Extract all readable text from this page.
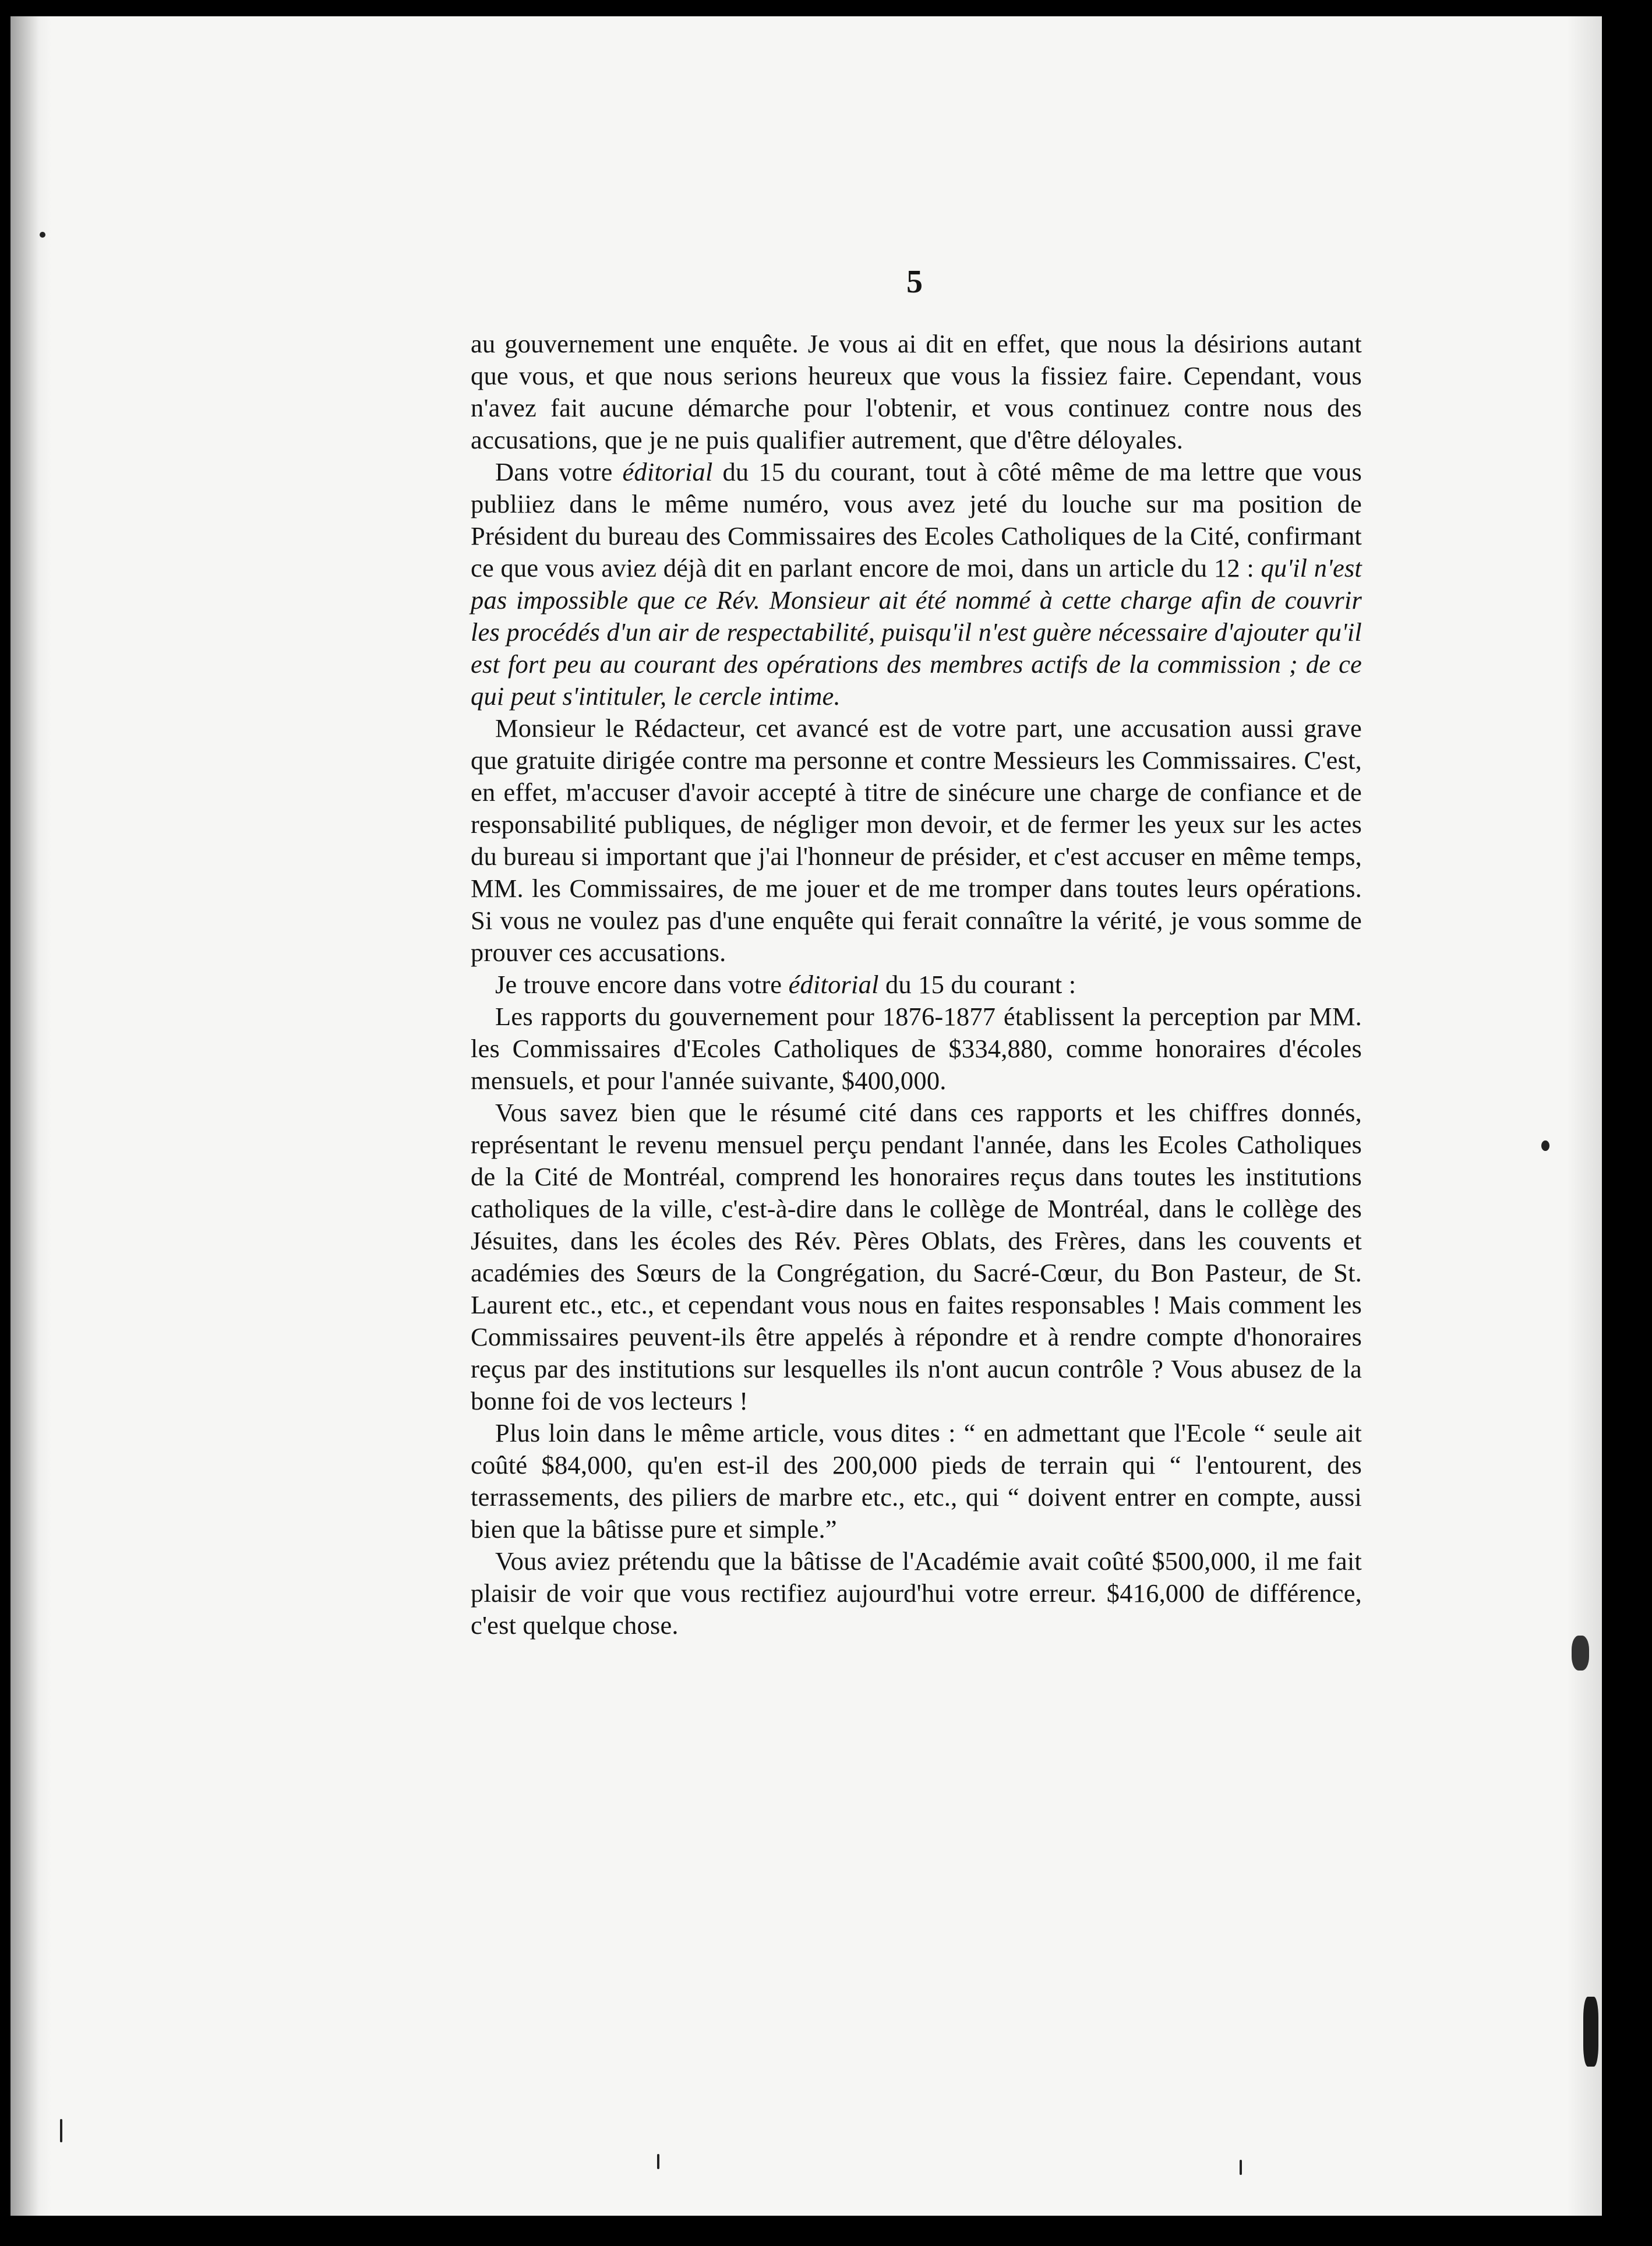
5

au gouvernement une enquête. Je vous ai dit en effet, que nous la désirions autant que vous, et que nous serions heureux que vous la fissiez faire. Cependant, vous n'avez fait aucune démarche pour l'obtenir, et vous continuez contre nous des accusations, que je ne puis qualifier autrement, que d'être déloyales.

Dans votre éditorial du 15 du courant, tout à côté même de ma lettre que vous publiiez dans le même numéro, vous avez jeté du louche sur ma position de Président du bureau des Commissaires des Ecoles Catholiques de la Cité, confirmant ce que vous aviez déjà dit en parlant encore de moi, dans un article du 12 : qu'il n'est pas impossible que ce Rév. Monsieur ait été nommé à cette charge afin de couvrir les procédés d'un air de respectabilité, puisqu'il n'est guère nécessaire d'ajouter qu'il est fort peu au courant des opérations des membres actifs de la commission ; de ce qui peut s'intituler, le cercle intime.

Monsieur le Rédacteur, cet avancé est de votre part, une accusation aussi grave que gratuite dirigée contre ma personne et contre Messieurs les Commissaires. C'est, en effet, m'accuser d'avoir accepté à titre de sinécure une charge de confiance et de responsabilité publiques, de négliger mon devoir, et de fermer les yeux sur les actes du bureau si important que j'ai l'honneur de présider, et c'est accuser en même temps, MM. les Commissaires, de me jouer et de me tromper dans toutes leurs opérations. Si vous ne voulez pas d'une enquête qui ferait connaître la vérité, je vous somme de prouver ces accusations.

Je trouve encore dans votre éditorial du 15 du courant :

Les rapports du gouvernement pour 1876-1877 établissent la perception par MM. les Commissaires d'Ecoles Catholiques de $334,880, comme honoraires d'écoles mensuels, et pour l'année suivante, $400,000.

Vous savez bien que le résumé cité dans ces rapports et les chiffres donnés, représentant le revenu mensuel perçu pendant l'année, dans les Ecoles Catholiques de la Cité de Montréal, comprend les honoraires reçus dans toutes les institutions catholiques de la ville, c'est-à-dire dans le collège de Montréal, dans le collège des Jésuites, dans les écoles des Rév. Pères Oblats, des Frères, dans les couvents et académies des Sœurs de la Congrégation, du Sacré-Cœur, du Bon Pasteur, de St. Laurent etc., etc., et cependant vous nous en faites responsables ! Mais comment les Commissaires peuvent-ils être appelés à répondre et à rendre compte d'honoraires reçus par des institutions sur lesquelles ils n'ont aucun contrôle ? Vous abusez de la bonne foi de vos lecteurs !

Plus loin dans le même article, vous dites : “ en admettant que l'Ecole “ seule ait coûté $84,000, qu'en est-il des 200,000 pieds de terrain qui “ l'entourent, des terrassements, des piliers de marbre etc., etc., qui “ doivent entrer en compte, aussi bien que la bâtisse pure et simple.”

Vous aviez prétendu que la bâtisse de l'Académie avait coûté $500,000, il me fait plaisir de voir que vous rectifiez aujourd'hui votre erreur. $416,000 de différence, c'est quelque chose.
